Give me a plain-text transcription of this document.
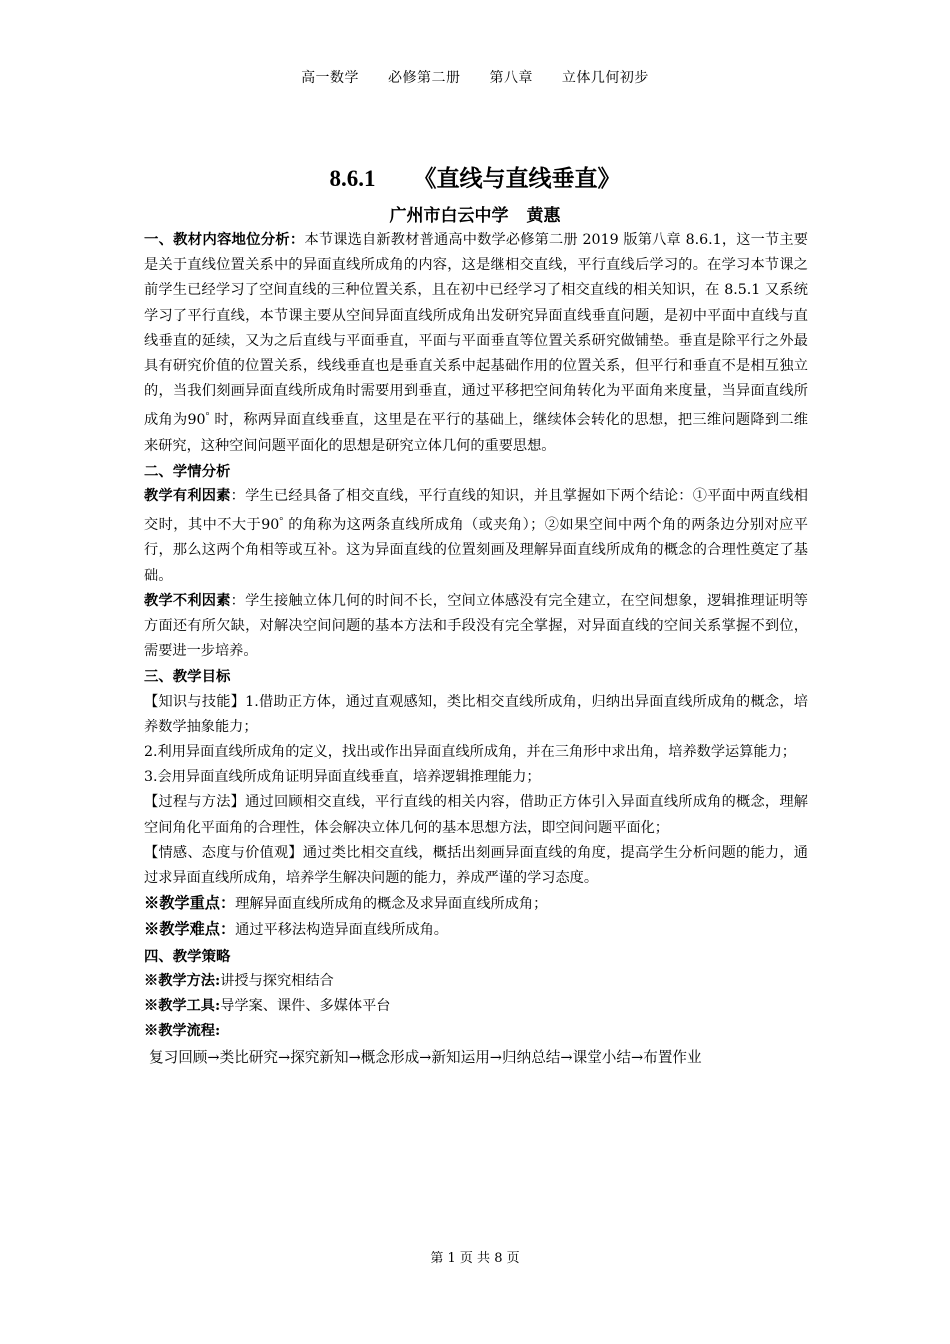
高一数学 必修第二册 第八章 立体几何初步
8.6.1 《直线与直线垂直》
广州市白云中学 黄惠

一、教材内容地位分析：本节课选自新教材普通高中数学必修第二册 2019 版第八章 8.6.1，这一节主要是关于直线位置关系中的异面直线所成角的内容，这是继相交直线，平行直线后学习的。在学习本节课之前学生已经学习了空间直线的三种位置关系，且在初中已经学习了相交直线的相关知识，在 8.5.1 又系统学习了平行直线，本节课主要从空间异面直线所成角出发研究异面直线垂直问题，是初中平面中直线与直线垂直的延续，又为之后直线与平面垂直，平面与平面垂直等位置关系研究做铺垫。垂直是除平行之外最具有研究价值的位置关系，线线垂直也是垂直关系中起基础作用的位置关系，但平行和垂直不是相互独立的，当我们刻画异面直线所成角时需要用到垂直，通过平移把空间角转化为平面角来度量，当异面直线所成角为90° 时，称两异面直线垂直，这里是在平行的基础上，继续体会转化的思想，把三维问题降到二维来研究，这种空间问题平面化的思想是研究立体几何的重要思想。

二、学情分析

教学有利因素：学生已经具备了相交直线，平行直线的知识，并且掌握如下两个结论：①平面中两直线相交时，其中不大于90° 的角称为这两条直线所成角（或夹角）；②如果空间中两个角的两条边分别对应平行，那么这两个角相等或互补。这为异面直线的位置刻画及理解异面直线所成角的概念的合理性奠定了基础。

教学不利因素：学生接触立体几何的时间不长，空间立体感没有完全建立，在空间想象，逻辑推理证明等方面还有所欠缺，对解决空间问题的基本方法和手段没有完全掌握，对异面直线的空间关系掌握不到位，需要进一步培养。

三、教学目标

【知识与技能】1.借助正方体，通过直观感知，类比相交直线所成角，归纳出异面直线所成角的概念，培养数学抽象能力；

2.利用异面直线所成角的定义，找出或作出异面直线所成角，并在三角形中求出角，培养数学运算能力；

3.会用异面直线所成角证明异面直线垂直，培养逻辑推理能力；

【过程与方法】通过回顾相交直线，平行直线的相关内容，借助正方体引入异面直线所成角的概念，理解空间角化平面角的合理性，体会解决立体几何的基本思想方法，即空间问题平面化；

【情感、态度与价值观】通过类比相交直线，概括出刻画异面直线的角度，提高学生分析问题的能力，通过求异面直线所成角，培养学生解决问题的能力，养成严谨的学习态度。

※教学重点：理解异面直线所成角的概念及求异面直线所成角；

※教学难点：通过平移法构造异面直线所成角。

四、教学策略

※教学方法:讲授与探究相结合

※教学工具:导学案、课件、多媒体平台

※教学流程:

复习回顾→类比研究→探究新知→概念形成→新知运用→归纳总结→课堂小结→布置作业

第 1 页 共 8 页
